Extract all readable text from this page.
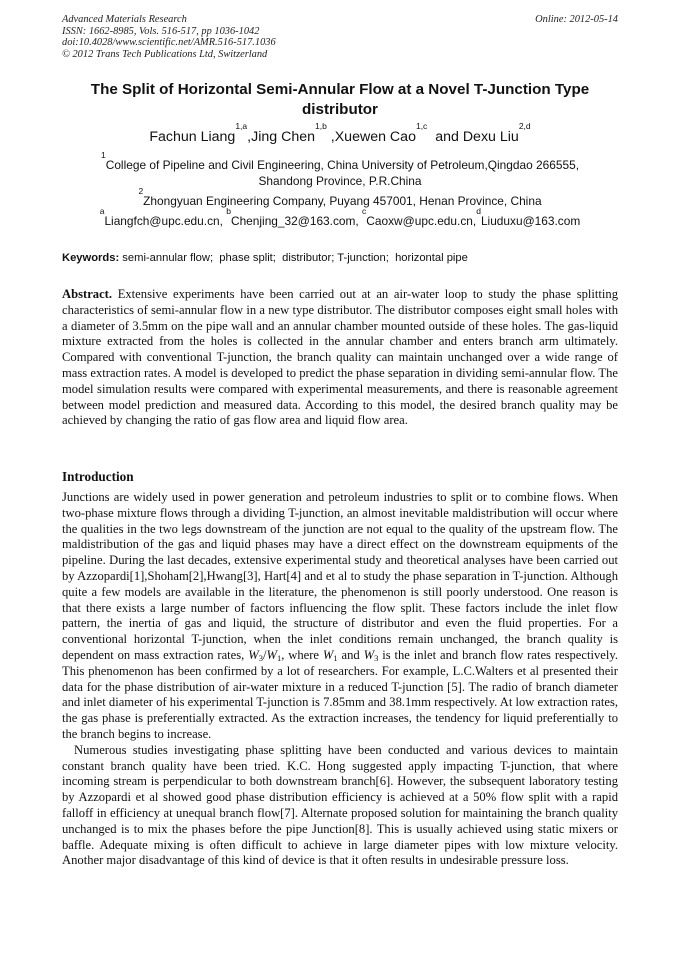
Advanced Materials Research
ISSN: 1662-8985, Vols. 516-517, pp 1036-1042
doi:10.4028/www.scientific.net/AMR.516-517.1036
© 2012 Trans Tech Publications Ltd, Switzerland
Online: 2012-05-14
The Split of Horizontal Semi-Annular Flow at a Novel T-Junction Type distributor
Fachun Liang$^{1,a}$,Jing Chen$^{1,b}$ ,Xuewen Cao$^{1,c}$  and Dexu Liu$^{2,d}$
$^1$College of Pipeline and Civil Engineering, China University of Petroleum,Qingdao 266555,
Shandong Province, P.R.China
$^2$Zhongyuan Engineering Company, Puyang 457001, Henan Province, China
$^a$Liangfch@upc.edu.cn, $^b$Chenjing_32@163.com, $^c$Caoxw@upc.edu.cn,$^d$Liuduxu@163.com
Keywords: semi-annular flow;  phase split;  distributor; T-junction;  horizontal pipe
Abstract. Extensive experiments have been carried out at an air-water loop to study the phase splitting characteristics of semi-annular flow in a new type distributor. The distributor composes eight small holes with a diameter of 3.5mm on the pipe wall and an annular chamber mounted outside of these holes. The gas-liquid mixture extracted from the holes is collected in the annular chamber and enters branch arm ultimately. Compared with conventional T-junction, the branch quality can maintain unchanged over a wide range of mass extraction rates. A model is developed to predict the phase separation in dividing semi-annular flow. The model simulation results were compared with experimental measurements, and there is reasonable agreement between model prediction and measured data. According to this model, the desired branch quality may be achieved by changing the ratio of gas flow area and liquid flow area.
Introduction

Junctions are widely used in power generation and petroleum industries to split or to combine flows. When two-phase mixture flows through a dividing T-junction, an almost inevitable maldistribution will occur where the qualities in the two legs downstream of the junction are not equal to the quality of the upstream flow. The maldistribution of the gas and liquid phases may have a direct effect on the downstream equipments of the pipeline. During the last decades, extensive experimental study and theoretical analyses have been carried out by Azzopardi[1],Shoham[2],Hwang[3], Hart[4] and et al to study the phase separation in T-junction. Although quite a few models are available in the literature, the phenomenon is still poorly understood. One reason is that there exists a large number of factors influencing the flow split. These factors include the inlet flow pattern, the inertia of gas and liquid, the structure of distributor and even the fluid properties. For a conventional horizontal T-junction, when the inlet conditions remain unchanged, the branch quality is dependent on mass extraction rates, $W_3/W_1$, where $W_1$ and $W_3$ is the inlet and branch flow rates respectively. This phenomenon has been confirmed by a lot of researchers. For example, L.C.Walters et al presented their data for the phase distribution of air-water mixture in a reduced T-junction [5]. The radio of branch diameter and inlet diameter of his experimental T-junction is 7.85mm and 38.1mm respectively. At low extraction rates, the gas phase is preferentially extracted. As the extraction increases, the tendency for liquid preferentially to the branch begins to increase.

Numerous studies investigating phase splitting have been conducted and various devices to maintain constant branch quality have been tried. K.C. Hong suggested apply impacting T-junction, that where incoming stream is perpendicular to both downstream branch[6]. However, the subsequent laboratory testing by Azzopardi et al showed good phase distribution efficiency is achieved at a 50% flow split with a rapid falloff in efficiency at unequal branch flow[7]. Alternate proposed solution for maintaining the branch quality unchanged is to mix the phases before the pipe Junction[8]. This is usually achieved using static mixers or baffle. Adequate mixing is often difficult to achieve in large diameter pipes with low mixture velocity. Another major disadvantage of this kind of device is that it often results in undesirable pressure loss.
